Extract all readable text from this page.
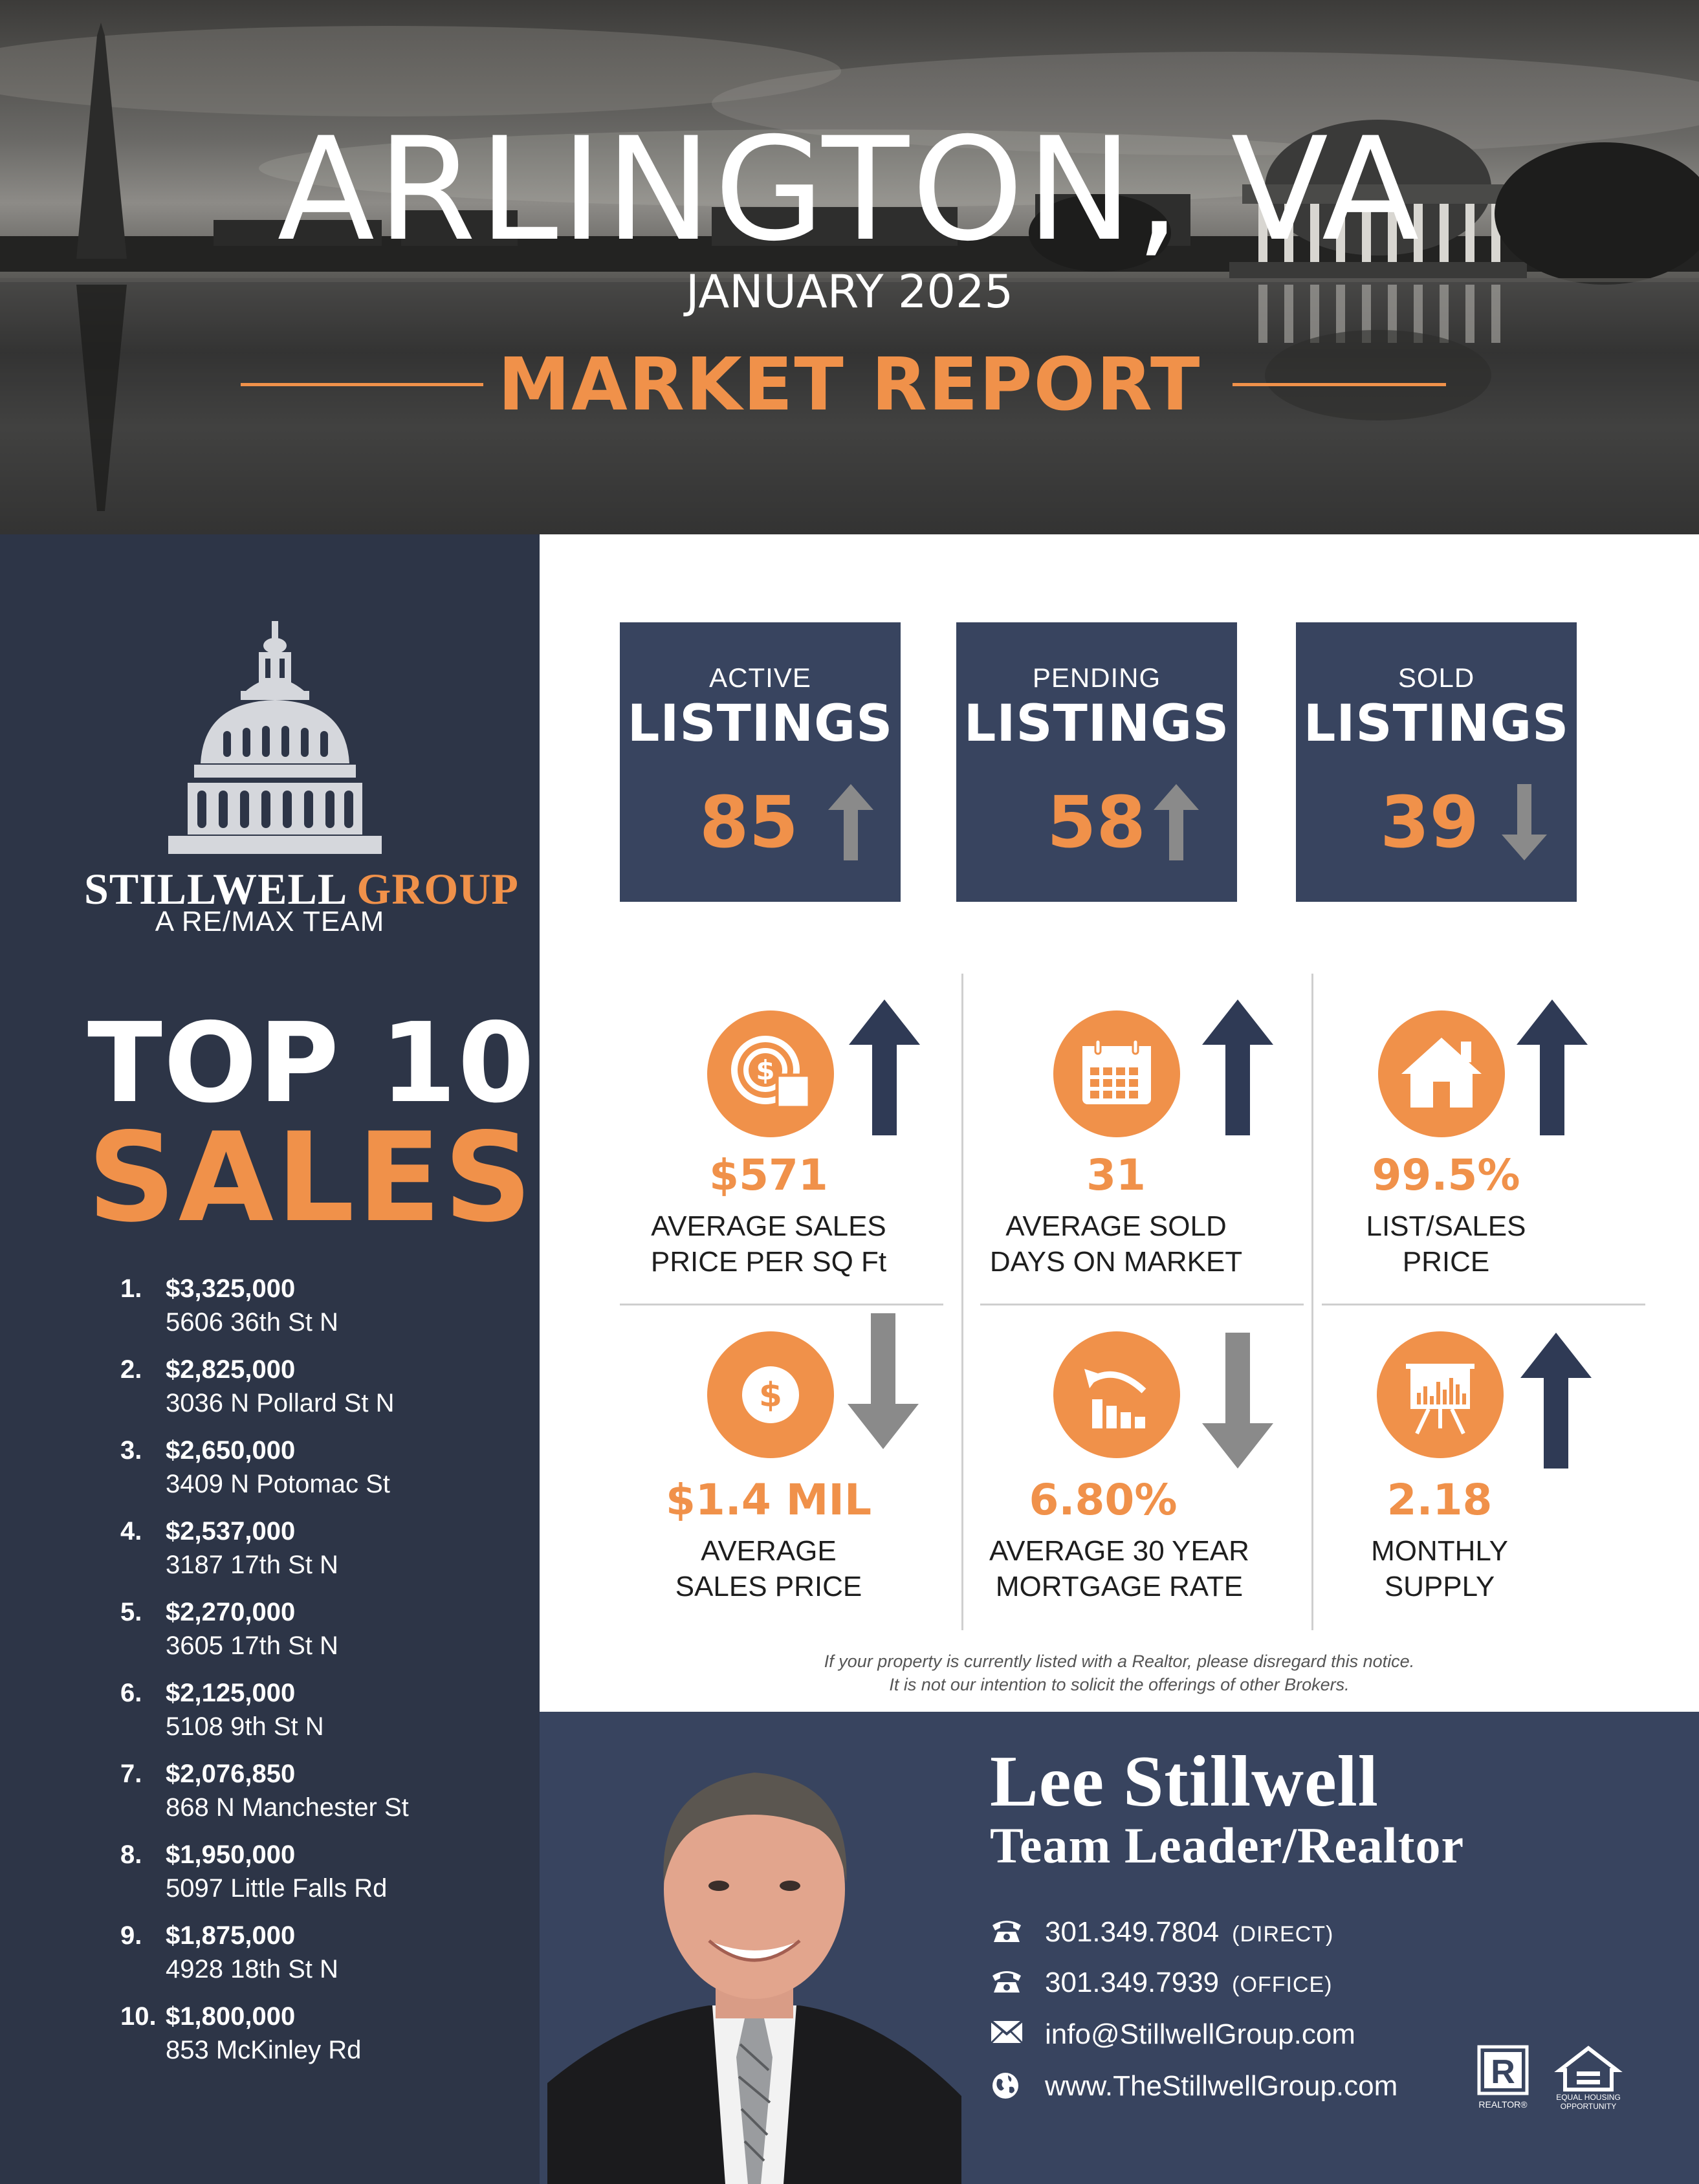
ARLINGTON, VA
JANUARY 2025
MARKET REPORT
STILLWELL GROUP
A RE/MAX TEAM
TOP 10
SALES
1. $3,325,000
5606 36th St N
2. $2,825,000
3036 N Pollard St N
3. $2,650,000
3409 N Potomac St
4. $2,537,000
3187 17th St N
5. $2,270,000
3605 17th St N
6. $2,125,000
5108 9th St N
7. $2,076,850
868 N Manchester St
8. $1,950,000
5097 Little Falls Rd
9. $1,875,000
4928 18th St N
10. $1,800,000
853 McKinley Rd
ACTIVE
LISTINGS
85
PENDING
LISTINGS
58
SOLD
LISTINGS
39
$
$571
AVERAGE SALES
PRICE PER SQ Ft
31
AVERAGE SOLD
DAYS ON MARKET
99.5%
LIST/SALES
PRICE
$
$1.4 MIL
AVERAGE
SALES PRICE
6.80%
AVERAGE 30 YEAR
MORTGAGE RATE
2.18
MONTHLY
SUPPLY
If your property is currently listed with a Realtor, please disregard this notice.
It is not our intention to solicit the offerings of other Brokers.
Lee Stillwell
Team Leader/Realtor
301.349.7804 (DIRECT)
301.349.7939 (OFFICE)
info@StillwellGroup.com
www.TheStillwellGroup.com	R
REALTOR®
EQUAL HOUSING
OPPORTUNITY
